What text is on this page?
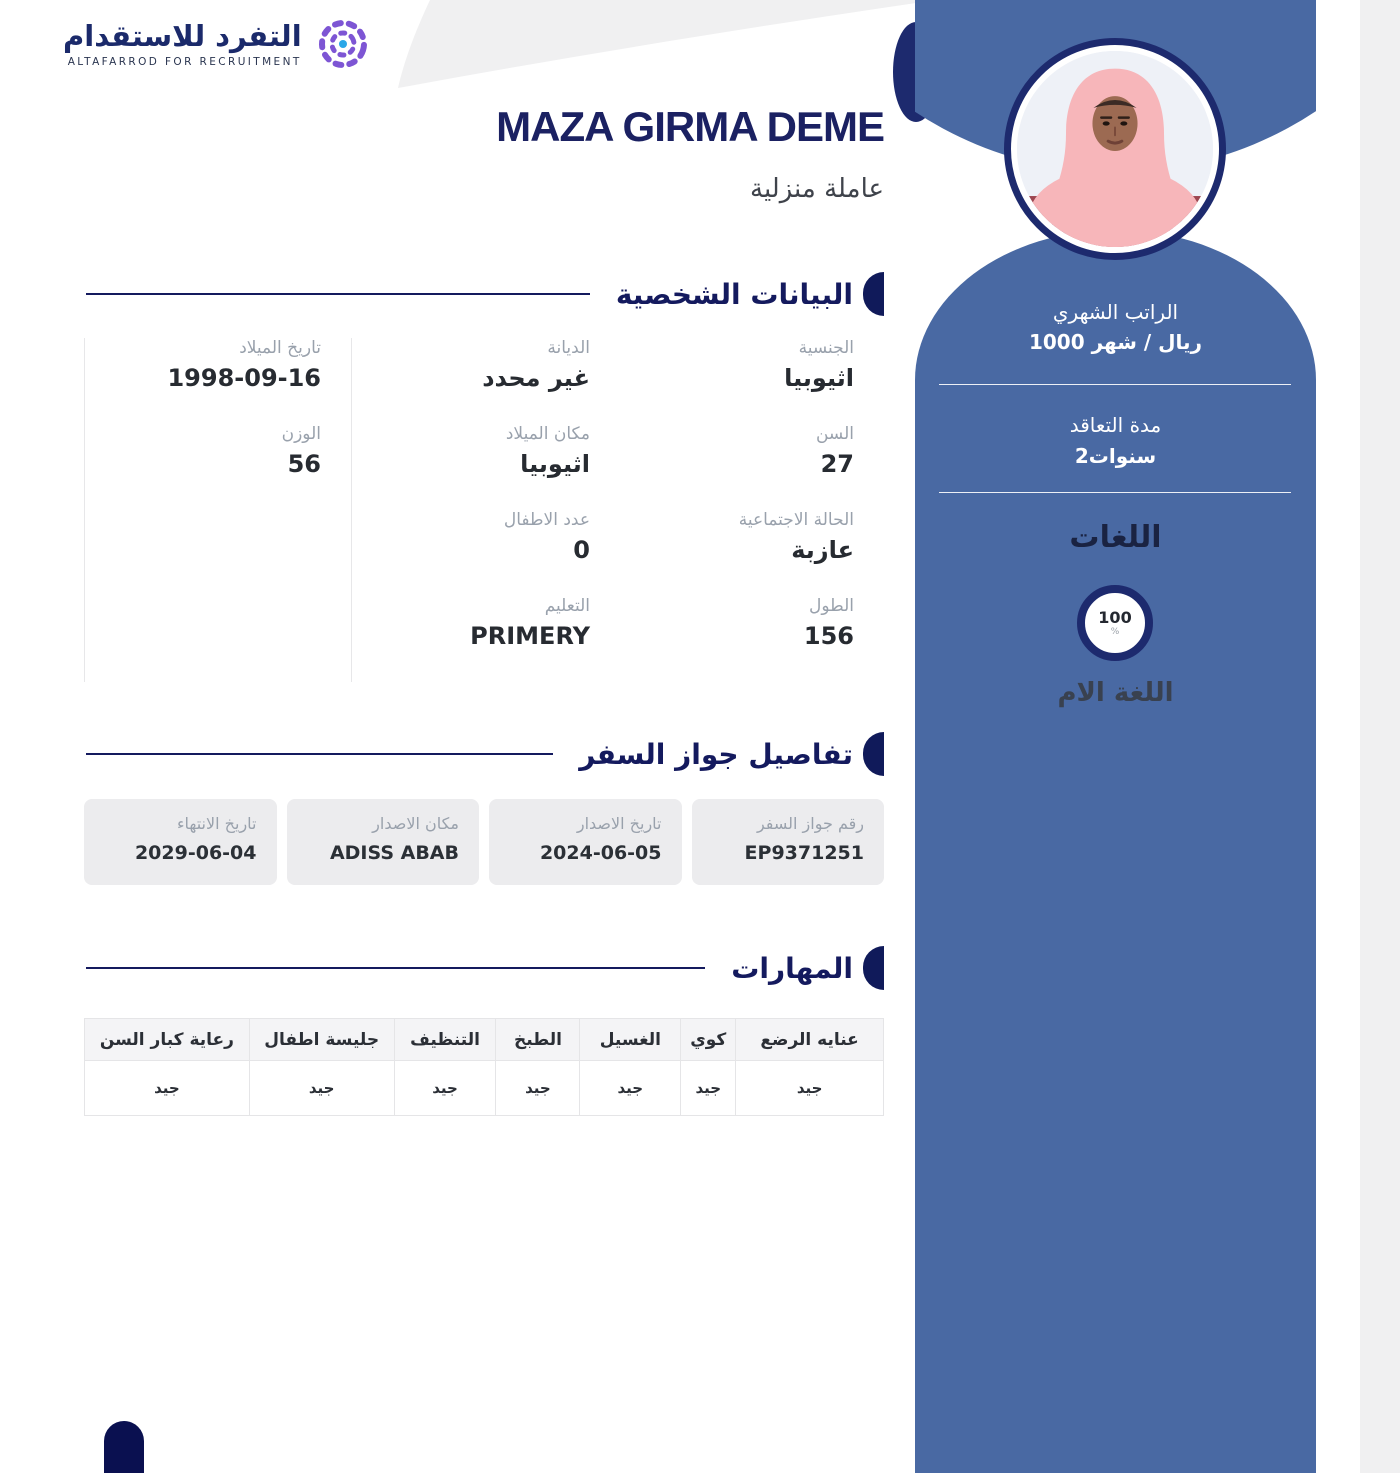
التفرد للاستقدام
ALTAFARROD FOR RECRUITMENT
الراتب الشهري
1000 ريال / شهر
مدة التعاقد
2سنوات
اللغات
100
%
اللغة الام
MAZA GIRMA DEME
عاملة منزلية
البيانات الشخصية
الجنسية
اثيوبيا
السن
27
الحالة الاجتماعية
عازبة
الطول
156
الديانة
غير محدد
مكان الميلاد
اثيوبيا
عدد الاطفال
0
التعليم
PRIMERY
تاريخ الميلاد
1998-09-16
الوزن
56
تفاصيل جواز السفر
رقم جواز السفر
EP9371251
تاريخ الاصدار
2024-06-05
مكان الاصدار
ADISS ABAB
تاريخ الانتهاء
2029-06-04
المهارات
عنايه الرضع	كوي	الغسيل	الطبخ	التنظيف	جليسة اطفال	رعاية كبار السن
جيد	جيد	جيد	جيد	جيد	جيد	جيد
